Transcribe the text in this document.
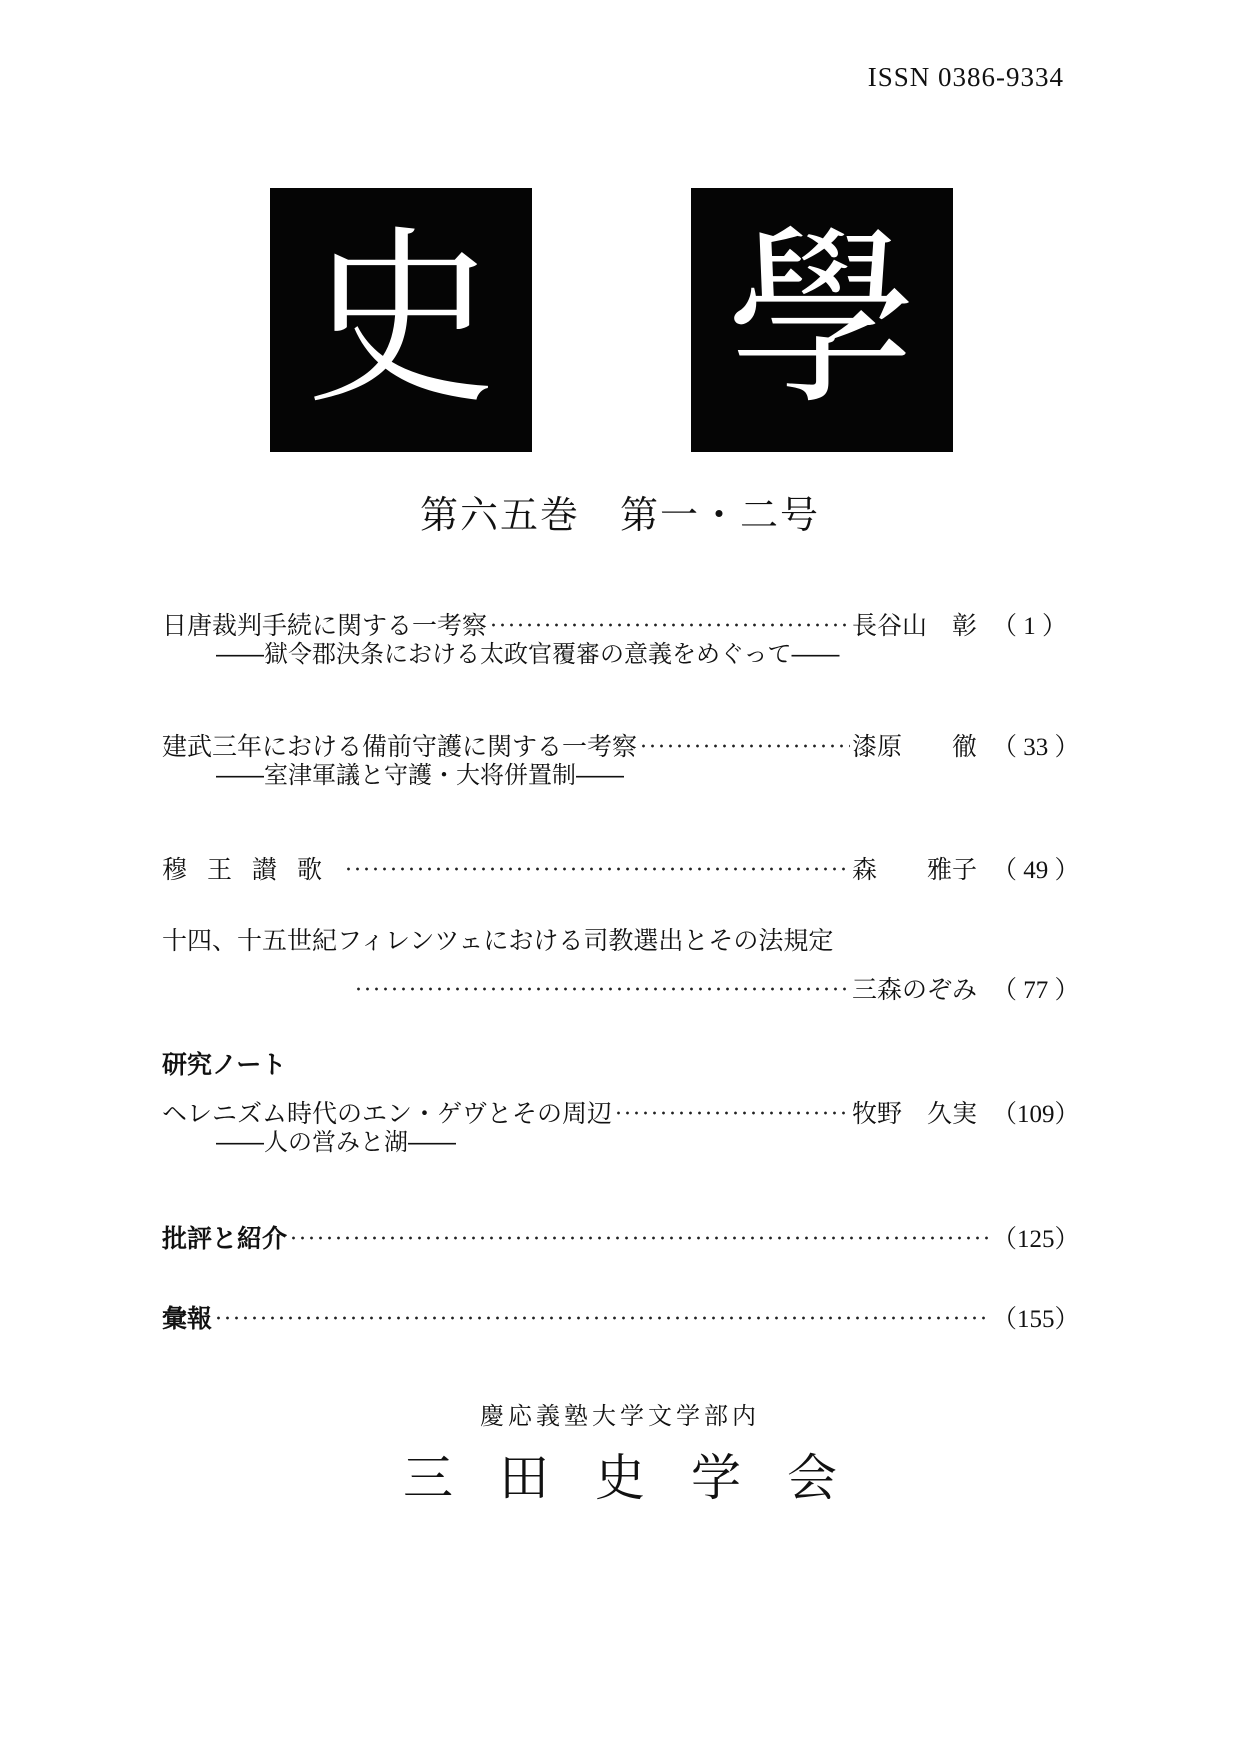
ISSN 0386-9334
史 學
第六五巻　第一・二号
日唐裁判手続に関する一考察	長谷山　彰 （ 1 ）
――獄令郡決条における太政官覆審の意義をめぐって――
建武三年における備前守護に関する一考察	漆原　　徹 （ 33 ）
――室津軍議と守護・大将併置制――
穆王讃歌	森　　雅子 （ 49 ）
十四、十五世紀フィレンツェにおける司教選出とその法規定
三森のぞみ （ 77 ）
研究ノート
ヘレニズム時代のエン・ゲヴとその周辺	牧野　久実 （109）
――人の営みと湖――
批評と紹介	（125）
彙報	（155）
慶応義塾大学文学部内
三田史学会
